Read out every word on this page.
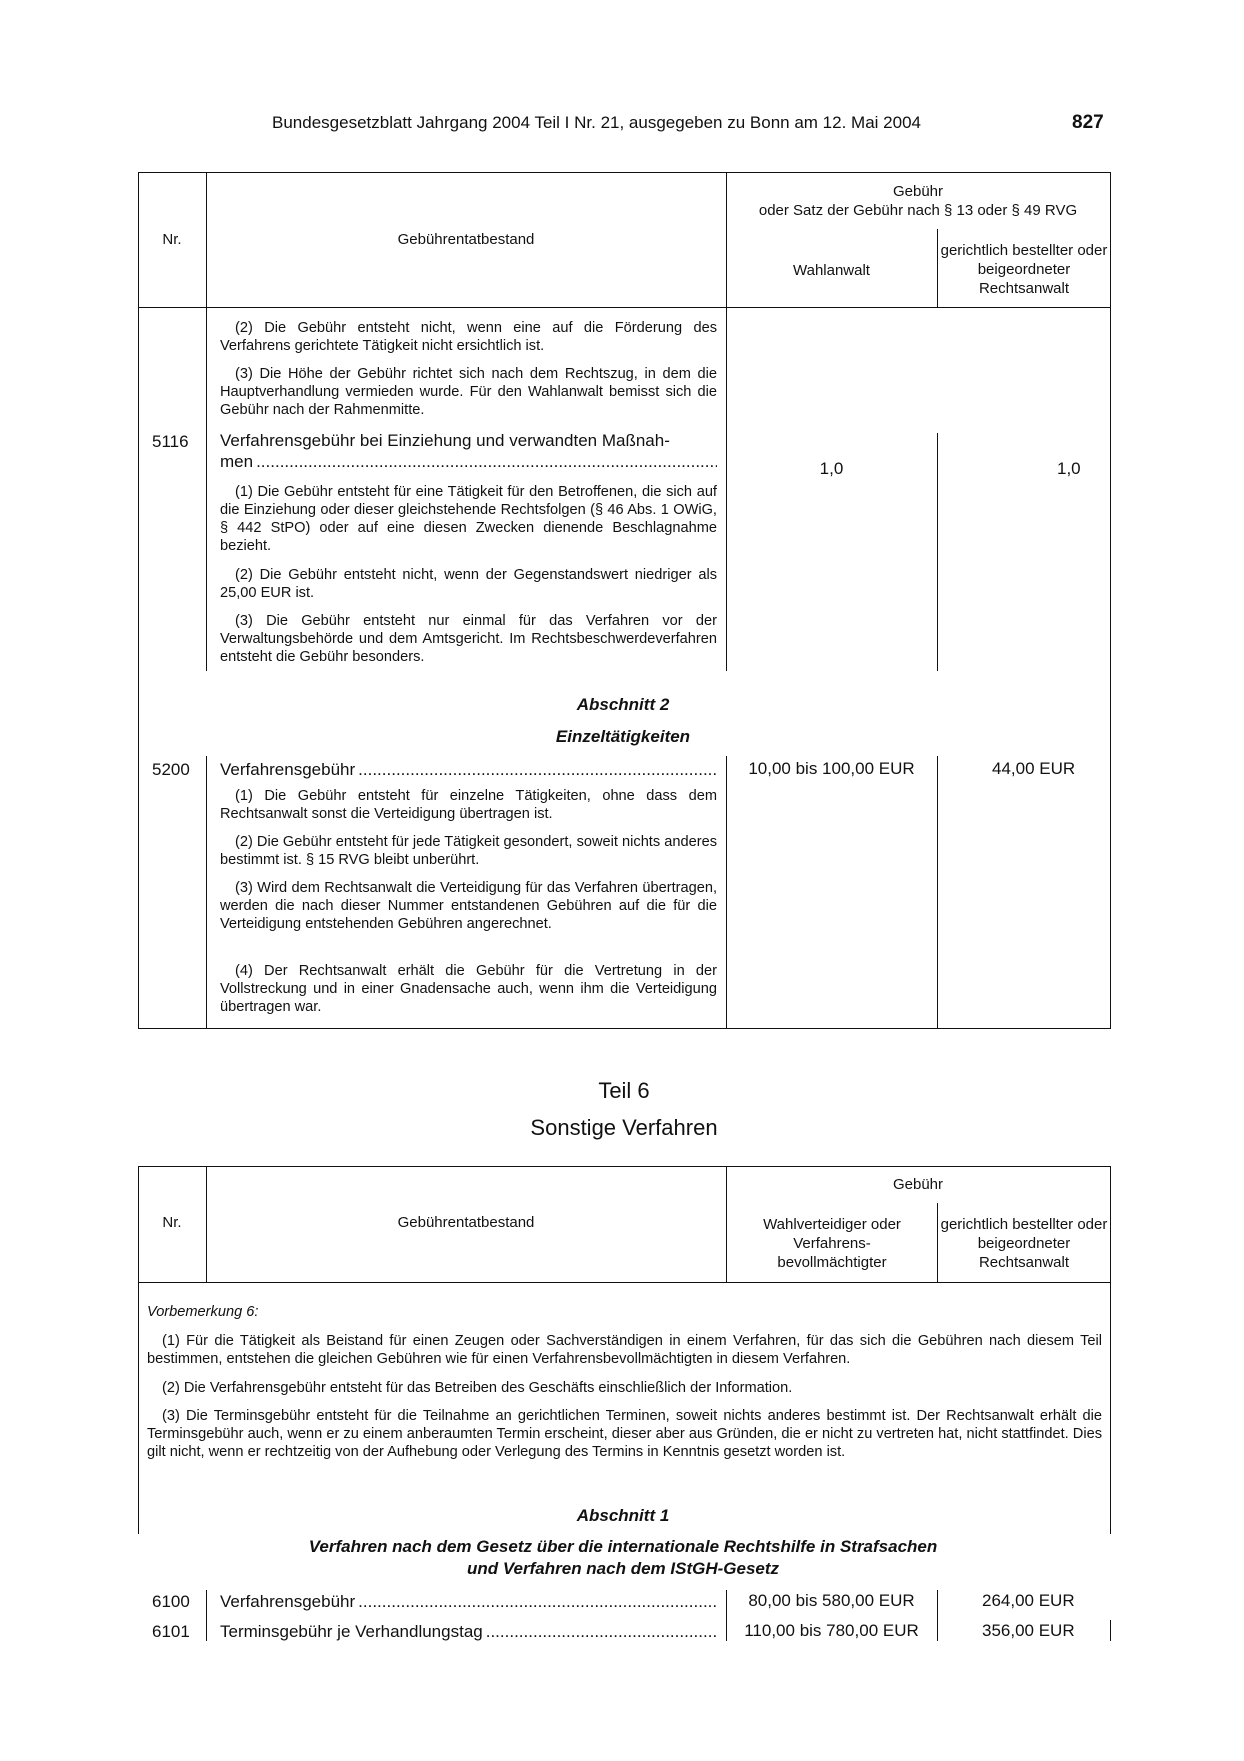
Bundesgesetzblatt Jahrgang 2004 Teil I Nr. 21, ausgegeben zu Bonn am 12. Mai 2004	827
Nr.	Gebührentatbestand
Gebühr
oder Satz der Gebühr nach § 13 oder § 49 RVG
Wahlanwalt
gerichtlich bestellter oder beigeordneter Rechtsanwalt
(2) Die Gebühr entsteht nicht, wenn eine auf die Förderung des Verfahrens gerichtete Tätigkeit nicht ersichtlich ist.
(3) Die Höhe der Gebühr richtet sich nach dem Rechtszug, in dem die Hauptverhandlung vermieden wurde. Für den Wahlanwalt bemisst sich die Gebühr nach der Rahmenmitte.
5116 Verfahrensgebühr bei Einziehung und verwandten Maßnah-
men .....	1,0	1,0
(1) Die Gebühr entsteht für eine Tätigkeit für den Betroffenen, die sich auf die Einziehung oder dieser gleichstehende Rechtsfolgen (§ 46 Abs. 1 OWiG, § 442 StPO) oder auf eine diesen Zwecken dienende Beschlagnahme bezieht.
(2) Die Gebühr entsteht nicht, wenn der Gegenstandswert niedriger als 25,00 EUR ist.
(3) Die Gebühr entsteht nur einmal für das Verfahren vor der Verwaltungsbehörde und dem Amtsgericht. Im Rechtsbeschwerdeverfahren entsteht die Gebühr besonders.
Abschnitt 2
Einzeltätigkeiten
5200 Verfahrensgebühr .....	10,00 bis 100,00 EUR	44,00 EUR
(1) Die Gebühr entsteht für einzelne Tätigkeiten, ohne dass dem Rechtsanwalt sonst die Verteidigung übertragen ist.
(2) Die Gebühr entsteht für jede Tätigkeit gesondert, soweit nichts anderes bestimmt ist. § 15 RVG bleibt unberührt.
(3) Wird dem Rechtsanwalt die Verteidigung für das Verfahren übertragen, werden die nach dieser Nummer entstandenen Gebühren auf die für die Verteidigung entstehenden Gebühren angerechnet.
(4) Der Rechtsanwalt erhält die Gebühr für die Vertretung in der Vollstreckung und in einer Gnadensache auch, wenn ihm die Verteidigung übertragen war.
Teil 6
Sonstige Verfahren
Nr.	Gebührentatbestand
Gebühr
Wahlverteidiger oder Verfahrens- bevollmächtigter
gerichtlich bestellter oder beigeordneter Rechtsanwalt
Vorbemerkung 6:
(1) Für die Tätigkeit als Beistand für einen Zeugen oder Sachverständigen in einem Verfahren, für das sich die Gebühren nach diesem Teil bestimmen, entstehen die gleichen Gebühren wie für einen Verfahrensbevollmächtigten in diesem Verfahren.
(2) Die Verfahrensgebühr entsteht für das Betreiben des Geschäfts einschließlich der Information.
(3) Die Terminsgebühr entsteht für die Teilnahme an gerichtlichen Terminen, soweit nichts anderes bestimmt ist. Der Rechtsanwalt erhält die Terminsgebühr auch, wenn er zu einem anberaumten Termin erscheint, dieser aber aus Gründen, die er nicht zu vertreten hat, nicht stattfindet. Dies gilt nicht, wenn er rechtzeitig von der Aufhebung oder Verlegung des Termins in Kenntnis gesetzt worden ist.
Abschnitt 1
Verfahren nach dem Gesetz über die internationale Rechtshilfe in Strafsachen
und Verfahren nach dem IStGH-Gesetz
6100 Verfahrensgebühr .....	80,00 bis 580,00 EUR	264,00 EUR
6101 Terminsgebühr je Verhandlungstag .....	110,00 bis 780,00 EUR	356,00 EUR
